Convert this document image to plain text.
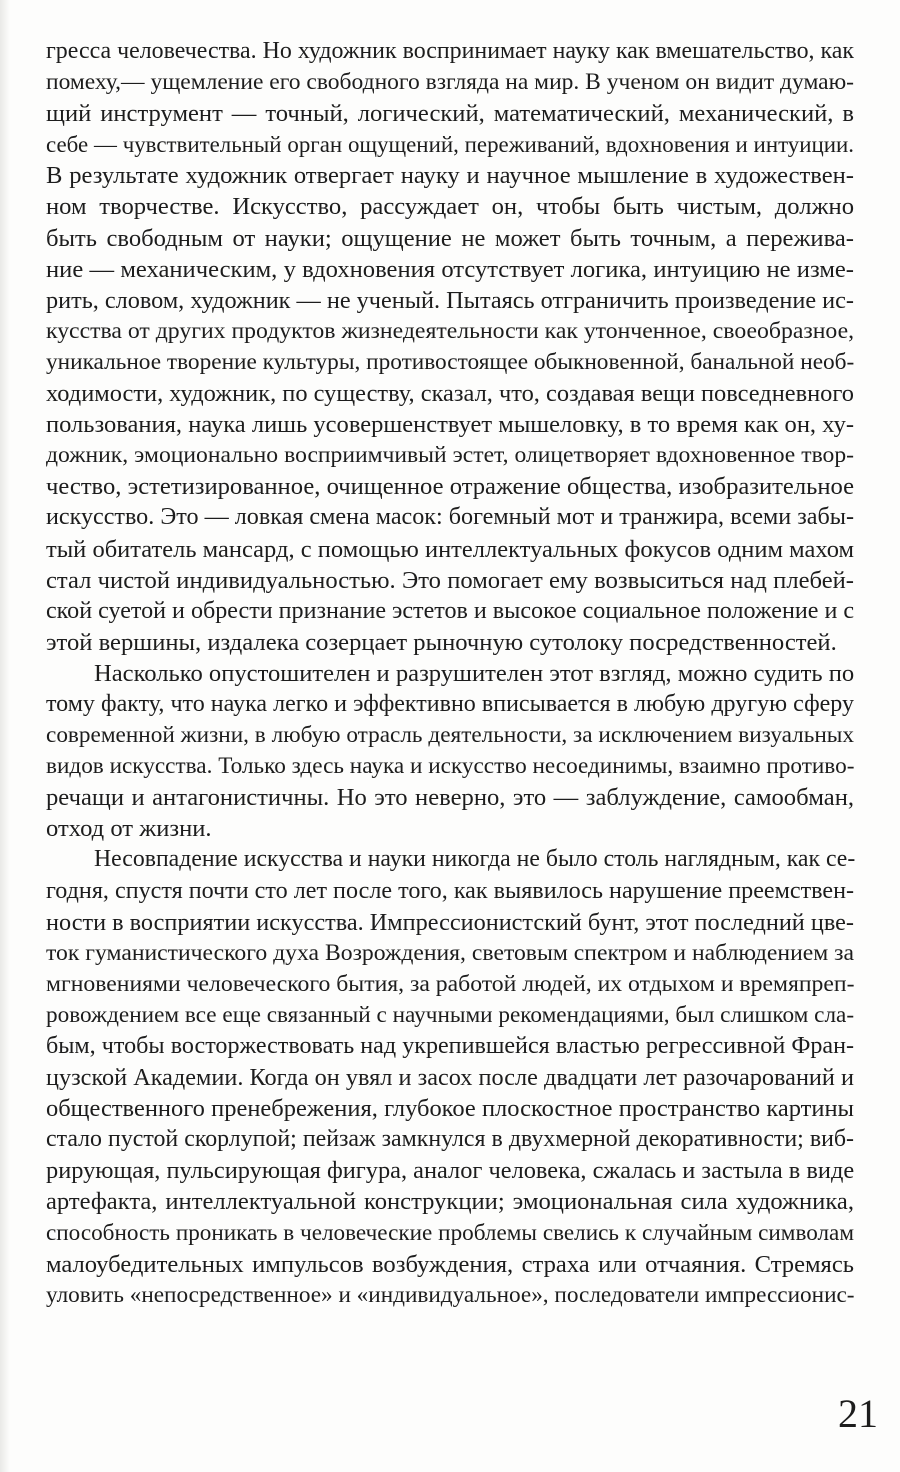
гресса человечества. Но художник воспринимает науку как вмешательство, как
помеху,— ущемление его свободного взгляда на мир. В ученом он видит думаю-
щий инструмент — точный, логический, математический, механический, в
себе — чувствительный орган ощущений, переживаний, вдохновения и интуиции.
В результате художник отвергает науку и научное мышление в художествен-
ном творчестве. Искусство, рассуждает он, чтобы быть чистым, должно
быть свободным от науки; ощущение не может быть точным, а пережива-
ние — механическим, у вдохновения отсутствует логика, интуицию не изме-
рить, словом, художник — не ученый. Пытаясь отграничить произведение ис-
кусства от других продуктов жизнедеятельности как утонченное, своеобразное,
уникальное творение культуры, противостоящее обыкновенной, банальной необ-
ходимости, художник, по существу, сказал, что, создавая вещи повседневного
пользования, наука лишь усовершенствует мышеловку, в то время как он, ху-
дожник, эмоционально восприимчивый эстет, олицетворяет вдохновенное твор-
чество, эстетизированное, очищенное отражение общества, изобразительное
искусство. Это — ловкая смена масок: богемный мот и транжира, всеми забы-
тый обитатель мансард, с помощью интеллектуальных фокусов одним махом
стал чистой индивидуальностью. Это помогает ему возвыситься над плебей-
ской суетой и обрести признание эстетов и высокое социальное положение и с
этой вершины, издалека созерцает рыночную сутолоку посредственностей.
Насколько опустошителен и разрушителен этот взгляд, можно судить по
тому факту, что наука легко и эффективно вписывается в любую другую сферу
современной жизни, в любую отрасль деятельности, за исключением визуальных
видов искусства. Только здесь наука и искусство несоединимы, взаимно противо-
речащи и антагонистичны. Но это неверно, это — заблуждение, самообман,
отход от жизни.
Несовпадение искусства и науки никогда не было столь наглядным, как се-
годня, спустя почти сто лет после того, как выявилось нарушение преемствен-
ности в восприятии искусства. Импрессионистский бунт, этот последний цве-
ток гуманистического духа Возрождения, световым спектром и наблюдением за
мгновениями человеческого бытия, за работой людей, их отдыхом и времяпреп-
ровождением все еще связанный с научными рекомендациями, был слишком сла-
бым, чтобы восторжествовать над укрепившейся властью регрессивной Фран-
цузской Академии. Когда он увял и засох после двадцати лет разочарований и
общественного пренебрежения, глубокое плоскостное пространство картины
стало пустой скорлупой; пейзаж замкнулся в двухмерной декоративности; виб-
рирующая, пульсирующая фигура, аналог человека, сжалась и застыла в виде
артефакта, интеллектуальной конструкции; эмоциональная сила художника,
способность проникать в человеческие проблемы свелись к случайным символам
малоубедительных импульсов возбуждения, страха или отчаяния. Стремясь
уловить «непосредственное» и «индивидуальное», последователи импрессионис-
21
